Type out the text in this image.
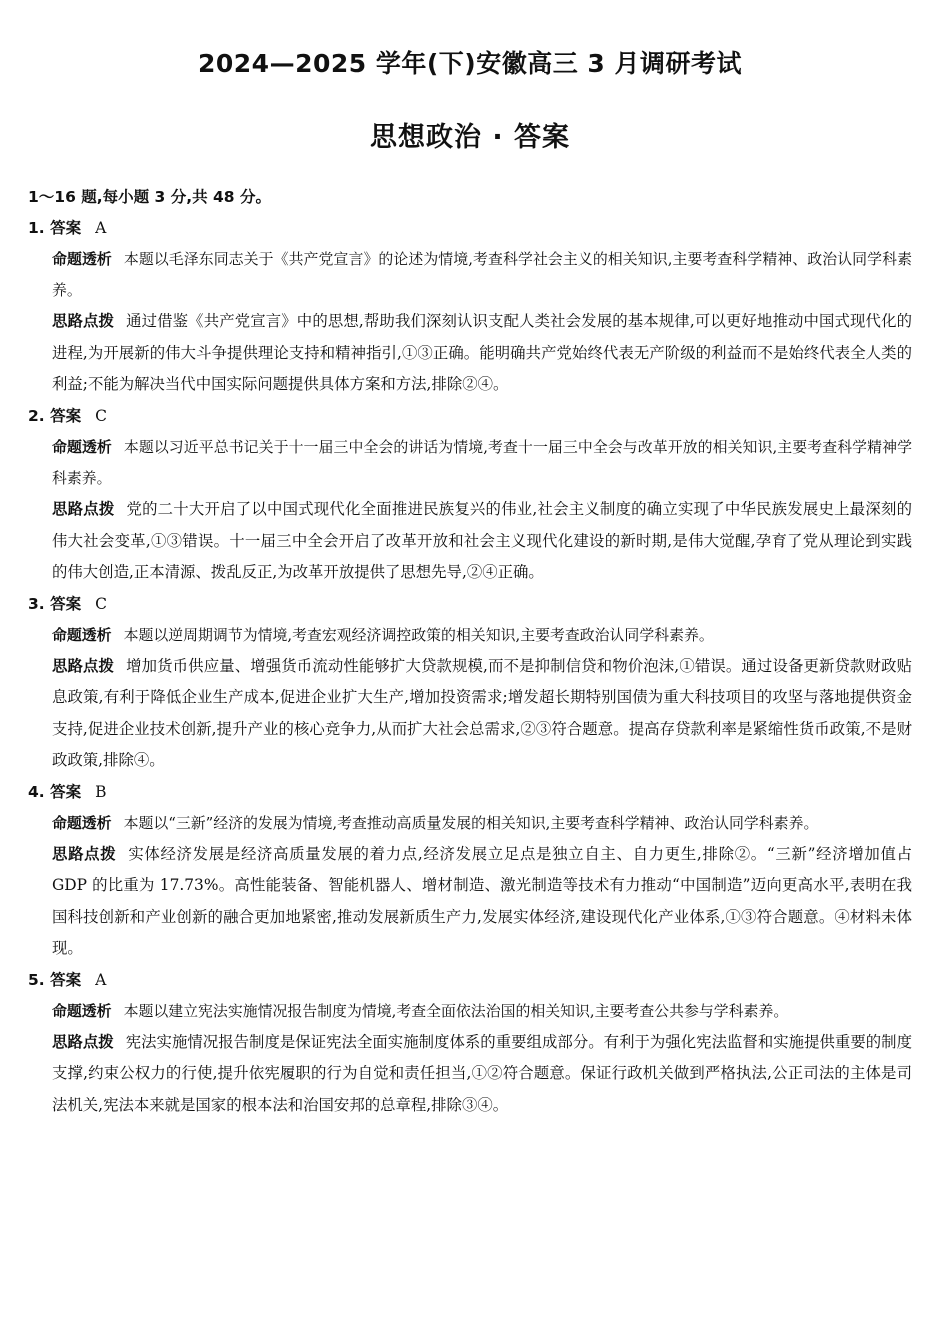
2024—2025 学年(下)安徽高三 3 月调研考试
思想政治 · 答案
1～16 题,每小题 3 分,共 48 分。
1. 答案 A
命题透析 本题以毛泽东同志关于《共产党宣言》的论述为情境,考查科学社会主义的相关知识,主要考查科学精神、政治认同学科素养。
思路点拨 通过借鉴《共产党宣言》中的思想,帮助我们深刻认识支配人类社会发展的基本规律,可以更好地推动中国式现代化的进程,为开展新的伟大斗争提供理论支持和精神指引,①③正确。能明确共产党始终代表无产阶级的利益而不是始终代表全人类的利益;不能为解决当代中国实际问题提供具体方案和方法,排除②④。
2. 答案 C
命题透析 本题以习近平总书记关于十一届三中全会的讲话为情境,考查十一届三中全会与改革开放的相关知识,主要考查科学精神学科素养。
思路点拨 党的二十大开启了以中国式现代化全面推进民族复兴的伟业,社会主义制度的确立实现了中华民族发展史上最深刻的伟大社会变革,①③错误。十一届三中全会开启了改革开放和社会主义现代化建设的新时期,是伟大觉醒,孕育了党从理论到实践的伟大创造,正本清源、拨乱反正,为改革开放提供了思想先导,②④正确。
3. 答案 C
命题透析 本题以逆周期调节为情境,考查宏观经济调控政策的相关知识,主要考查政治认同学科素养。
思路点拨 增加货币供应量、增强货币流动性能够扩大贷款规模,而不是抑制信贷和物价泡沫,①错误。通过设备更新贷款财政贴息政策,有利于降低企业生产成本,促进企业扩大生产,增加投资需求;增发超长期特别国债为重大科技项目的攻坚与落地提供资金支持,促进企业技术创新,提升产业的核心竞争力,从而扩大社会总需求,②③符合题意。提高存贷款利率是紧缩性货币政策,不是财政政策,排除④。
4. 答案 B
命题透析 本题以“三新”经济的发展为情境,考查推动高质量发展的相关知识,主要考查科学精神、政治认同学科素养。
思路点拨 实体经济发展是经济高质量发展的着力点,经济发展立足点是独立自主、自力更生,排除②。“三新”经济增加值占 GDP 的比重为 17.73%。高性能装备、智能机器人、增材制造、激光制造等技术有力推动“中国制造”迈向更高水平,表明在我国科技创新和产业创新的融合更加地紧密,推动发展新质生产力,发展实体经济,建设现代化产业体系,①③符合题意。④材料未体现。
5. 答案 A
命题透析 本题以建立宪法实施情况报告制度为情境,考查全面依法治国的相关知识,主要考查公共参与学科素养。
思路点拨 宪法实施情况报告制度是保证宪法全面实施制度体系的重要组成部分。有利于为强化宪法监督和实施提供重要的制度支撑,约束公权力的行使,提升依宪履职的行为自觉和责任担当,①②符合题意。保证行政机关做到严格执法,公正司法的主体是司法机关,宪法本来就是国家的根本法和治国安邦的总章程,排除③④。
